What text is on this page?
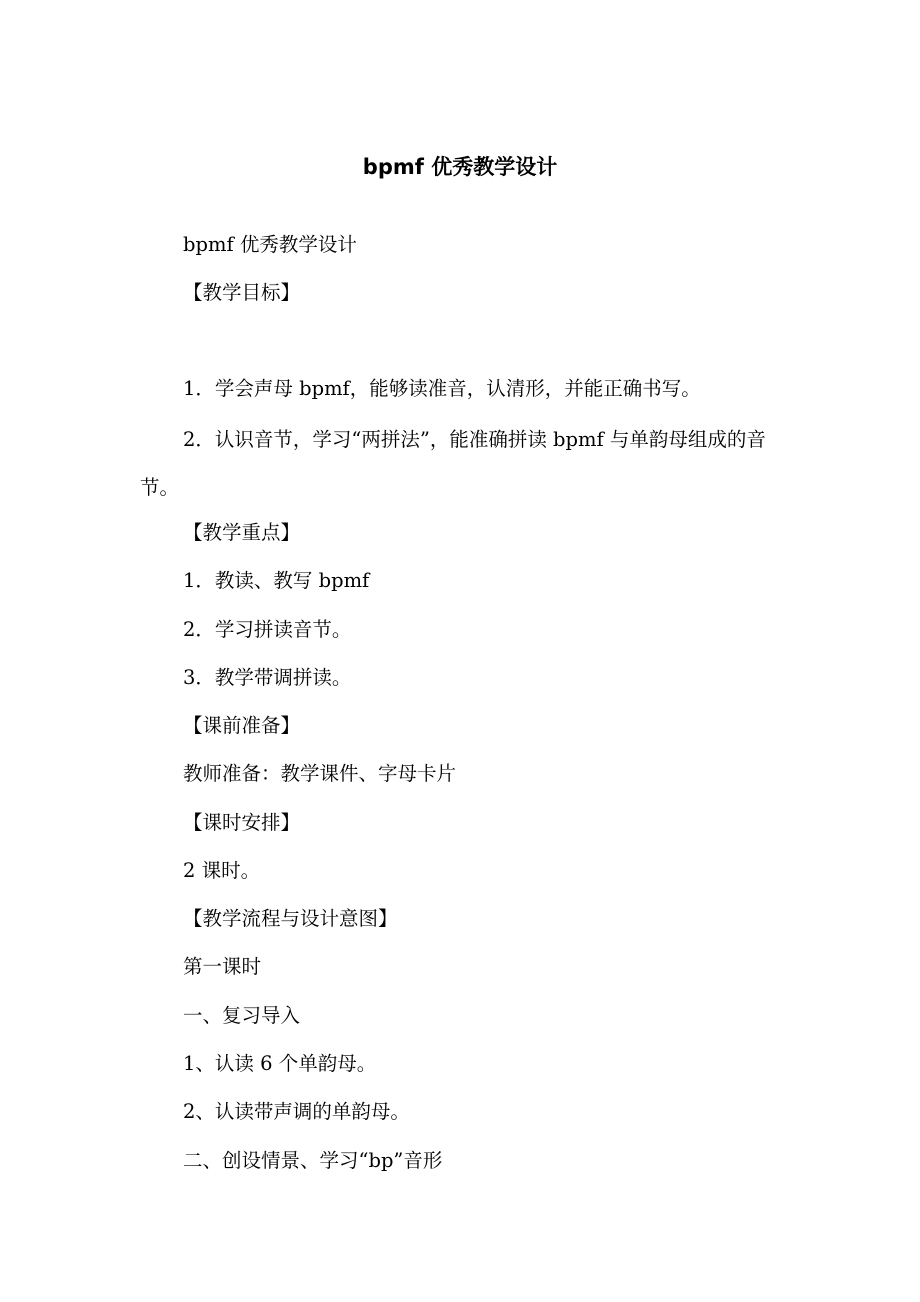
bpmf 优秀教学设计

bpmf 优秀教学设计

【教学目标】

1．学会声母 bpmf，能够读准音，认清形，并能正确书写。

2．认识音节，学习“两拼法”，能准确拼读 bpmf 与单韵母组成的音节。

【教学重点】

1．教读、教写 bpmf

2．学习拼读音节。

3．教学带调拼读。

【课前准备】

教师准备：教学课件、字母卡片

【课时安排】

2 课时。

【教学流程与设计意图】

第一课时

一、复习导入

1、认读 6 个单韵母。

2、认读带声调的单韵母。

二、创设情景、学习“bp”音形
